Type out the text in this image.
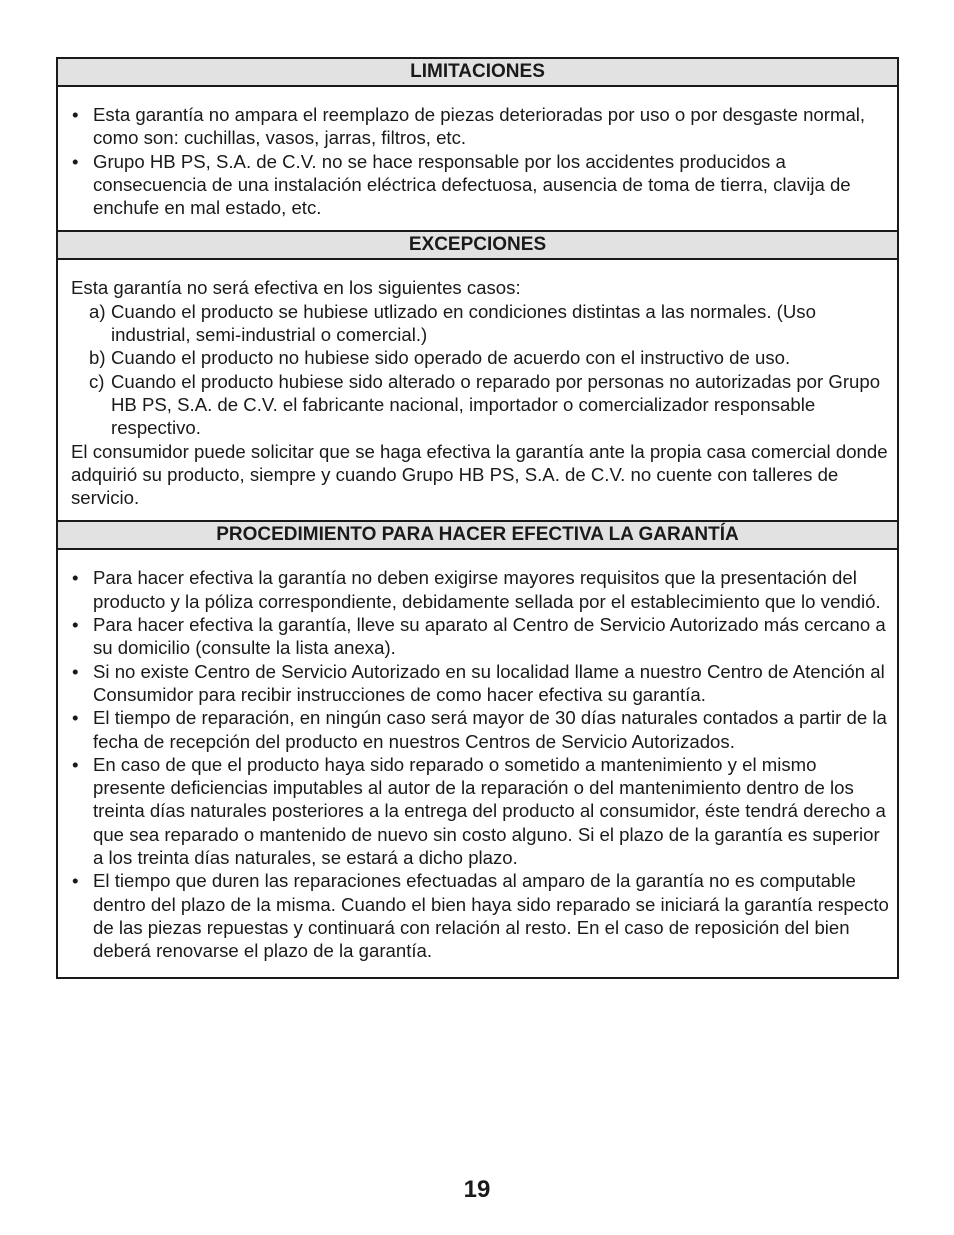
LIMITACIONES
• Esta garantía no ampara el reemplazo de piezas deterioradas por uso o por desgaste normal, como son: cuchillas, vasos, jarras, filtros, etc.
• Grupo HB PS, S.A. de C.V. no se hace responsable por los accidentes producidos a consecuencia de una instalación eléctrica defectuosa, ausencia de toma de tierra, clavija de enchufe en mal estado, etc.
EXCEPCIONES

Esta garantía no será efectiva en los siguientes casos:

a) Cuando el producto se hubiese utlizado en condiciones distintas a las normales. (Uso industrial, semi-industrial o comercial.)
b) Cuando el producto no hubiese sido operado de acuerdo con el instructivo de uso.
c) Cuando el producto hubiese sido alterado o reparado por personas no autorizadas por Grupo HB PS, S.A. de C.V. el fabricante nacional, importador o comercializador responsable respectivo.

El consumidor puede solicitar que se haga efectiva la garantía ante la propia casa comercial donde adquirió su producto, siempre y cuando Grupo HB PS, S.A. de C.V. no cuente con talleres de servicio.

PROCEDIMIENTO PARA HACER EFECTIVA LA GARANTÍA
• Para hacer efectiva la garantía no deben exigirse mayores requisitos que la presentación del producto y la póliza correspondiente, debidamente sellada por el establecimiento que lo vendió.
• Para hacer efectiva la garantía, lleve su aparato al Centro de Servicio Autorizado más cercano a su domicilio (consulte la lista anexa).
• Si no existe Centro de Servicio Autorizado en su localidad llame a nuestro Centro de Atención al Consumidor para recibir instrucciones de como hacer efectiva su garantía.
• El tiempo de reparación, en ningún caso será mayor de 30 días naturales contados a partir de la fecha de recepción del producto en nuestros Centros de Servicio Autorizados.
• En caso de que el producto haya sido reparado o sometido a mantenimiento y el mismo presente deficiencias imputables al autor de la reparación o del mantenimiento dentro de los treinta días naturales posteriores a la entrega del producto al consumidor, éste tendrá derecho a que sea reparado o mantenido de nuevo sin costo alguno. Si el plazo de la garantía es superior a los treinta días naturales, se estará a dicho plazo.
• El tiempo que duren las reparaciones efectuadas al amparo de la garantía no es computable dentro del plazo de la misma. Cuando el bien haya sido reparado se iniciará la garantía respecto de las piezas repuestas y continuará con relación al resto. En el caso de reposición del bien deberá renovarse el plazo de la garantía.
19
